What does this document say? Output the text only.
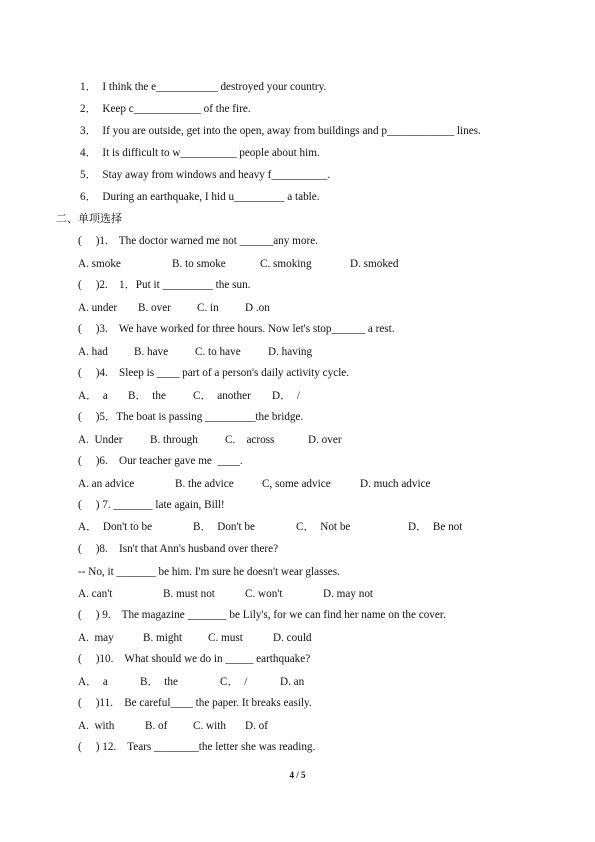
1． I think the e___________ destroyed your country.
2． Keep c____________ of the fire.
3． If you are outside, get into the open, away from buildings and p____________ lines.
4． It is difficult to w__________ people about him.
5． Stay away from windows and heavy f__________.
6． During an earthquake, I hid u_________ a table.
二、单项选择
(     )1.    The doctor warned me not ______any more.
A. smoke	B. to smoke	C. smoking	D. smoked
(     )2.    1．Put it _________ the sun.
A. under B. over C. in D .on
(     )3.    We have worked for three hours. Now let's stop______ a rest.
A. had B. have C. to have D. having
(     )4.    Sleep is ____ part of a person's daily activity cycle.
A．  a B．  the C．  another D．  /
(     )5．The boat is passing _________the bridge.
A.  Under B. through C.    across	D. over
(     )6.    Our teacher gave me  ____.
A. an advice	B. the advice	C, some advice	D. much advice
(     ) 7. _______ late again, Bill!
A．  Don't to be	B．  Don't be	C．  Not be	D．  Be not
(     )8.    Isn't that Ann's husband over there?
-- No, it _______ be him. I'm sure he doesn't wear glasses.
A. can't	B. must not	C. won't	D. may not
(     ) 9.    The magazine _______ be Lily's, for we can find her name on the cover.
A.  may	B. might C. must	D. could
(     )10.    What should we do in _____ earthquake?
A．  a	B．  the	C．  /	D. an
(     )11.    Be careful____ the paper. It breaks easily.
A.  with	B. of C. with D. of
(     ) 12.    Tears ________the letter she was reading.
4 / 5
